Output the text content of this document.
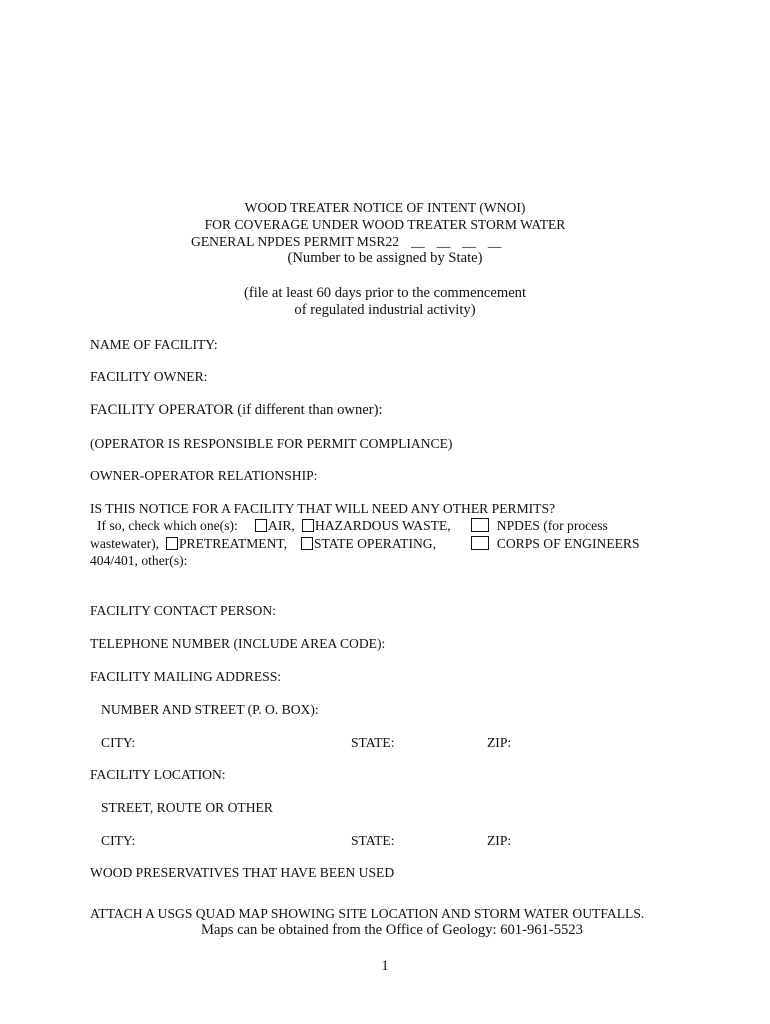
WOOD TREATER NOTICE OF INTENT (WNOI)
FOR COVERAGE UNDER WOOD TREATER STORM WATER
GENERAL NPDES PERMIT MSR22 __ __ __ __
(Number to be assigned by State)
(file at least 60 days prior to the commencement
of regulated industrial activity)
NAME OF FACILITY:
FACILITY OWNER:
FACILITY OPERATOR (if different than owner):
(OPERATOR IS RESPONSIBLE FOR PERMIT COMPLIANCE)
OWNER-OPERATOR RELATIONSHIP:
IS THIS NOTICE FOR A FACILITY THAT WILL NEED ANY OTHER PERMITS?
If so, check which one(s):	AIR,	HAZARDOUS WASTE,	NPDES (for process
wastewater),	PRETREATMENT,	STATE OPERATING,	CORPS OF ENGINEERS
404/401, other(s):
FACILITY CONTACT PERSON:
TELEPHONE NUMBER (INCLUDE AREA CODE):
FACILITY MAILING ADDRESS:
NUMBER AND STREET (P. O. BOX):
CITY:	STATE:	ZIP:
FACILITY LOCATION:
STREET, ROUTE OR OTHER
CITY:	STATE:	ZIP:
WOOD PRESERVATIVES THAT HAVE BEEN USED
ATTACH A USGS QUAD MAP SHOWING SITE LOCATION AND STORM WATER OUTFALLS.
Maps can be obtained from the Office of Geology: 601-961-5523
1
